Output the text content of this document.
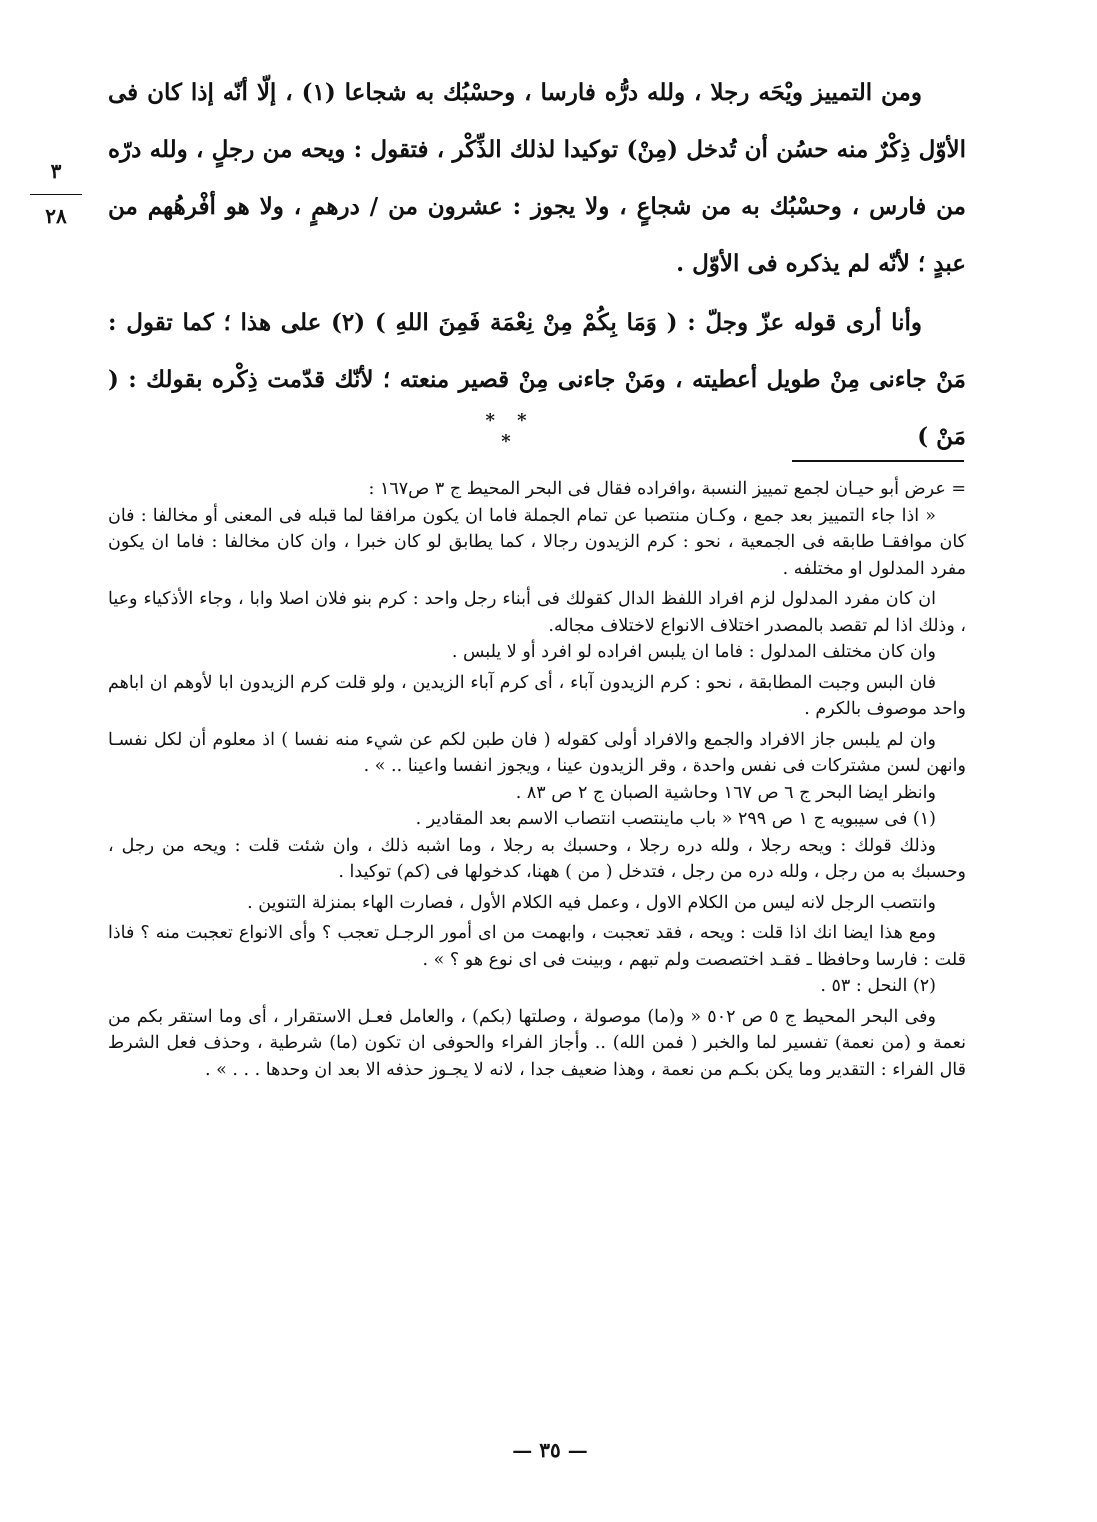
٣
٢٨

ومن التمييز ويْحَه رجلا ، ولله درُّه فارسا ، وحسْبُك به شجاعا (١) ، إلّا أنّه إذا كان فى الأوّل ذِكْرٌ منه حسُن أن تُدخل (مِنْ) توكيدا لذلك الذِّكْر ، فتقول : ويحه من رجلٍ ، ولله درّه من فارس ، وحسْبُك به من شجاعٍ ، ولا يجوز : عشرون من / درهمٍ ، ولا هو أفْرهُهم من عبدٍ ؛ لأنّه لم يذكره فى الأوّل .

وأنا أرى قوله عزّ وجلّ : ( وَمَا بِكُمْ مِنْ نِعْمَة فَمِنَ اللهِ ) (٢) على هذا ؛ كما تقول : مَنْ جاءنى مِنْ طويل أعطيته ، ومَنْ جاءنى مِنْ قصير منعته ؛ لأنّك قدّمت ذِكْره بقولك : ( مَنْ )

* * *

= عرض أبو حيـان لجمع تمييز النسبة ،وافراده فقال فى البحر المحيط ج ٣ ص١٦٧ :

« اذا جاء التمييز بعد جمع ، وكـان منتصبا عن تمام الجملة فاما ان يكون مرافقا لما قبله فى المعنى أو مخالفا : فان كان موافقـا طابقه فى الجمعية ، نحو : كرم الزيدون رجالا ، كما يطابق لو كان خبرا ، وان كان مخالفا : فاما ان يكون مفرد المدلول او مختلفه .

ان كان مفرد المدلول لزم افراد اللفظ الدال كقولك فى أبناء رجل واحد : كرم بنو فلان اصلا وابا ، وجاء الأذكياء وعيا ، وذلك اذا لم تقصد بالمصدر اختلاف الانواع لاختلاف مجاله.

وان كان مختلف المدلول : فاما ان يلبس افراده لو افرد أو لا يلبس .

فان البس وجبت المطابقة ، نحو : كرم الزيدون آباء ، أى كرم آباء الزيدين ، ولو قلت كرم الزيدون ابا لأوهم ان اباهم واحد موصوف بالكرم .

وان لم يلبس جاز الافراد والجمع والافراد أولى كقوله ( فان طبن لكم عن شيء منه نفسا ) اذ معلوم أن لكل نفسـا وانهن لسن مشتركات فى نفس واحدة ، وقر الزيدون عينا ، ويجوز انفسا واعينا .. » .

وانظر ايضا البحر ج ٦ ص ١٦٧ وحاشية الصبان ج ٢ ص ٨٣ .

(١) فى سيبويه ج ١ ص ٢٩٩ « باب ماينتصب انتصاب الاسم بعد المقادير .

وذلك قولك : ويحه رجلا ، ولله دره رجلا ، وحسبك به رجلا ، وما اشبه ذلك ، وان شئت قلت : ويحه من رجل ، وحسبك به من رجل ، ولله دره من رجل ، فتدخل ( من ) ههنا، كدخولها فى (كم) توكيدا .

وانتصب الرجل لانه ليس من الكلام الاول ، وعمل فيه الكلام الأول ، فصارت الهاء بمنزلة التنوين .

ومع هذا ايضا انك اذا قلت : ويحه ، فقد تعجبت ، وابهمت من اى أمور الرجـل تعجب ؟ وأى الانواع تعجبت منه ؟ فاذا قلت : فارسا وحافظا ـ فقـد اختصصت ولم تبهم ، وبينت فى اى نوع هو ؟ » .

(٢) النحل : ٥٣ .

وفى البحر المحيط ج ٥ ص ٥٠٢ « و(ما) موصولة ، وصلتها (بكم) ، والعامل فعـل الاستقرار ، أى وما استقر بكم من نعمة و (من نعمة) تفسير لما والخبر ( فمن الله) .. وأجاز الفراء والحوفى ان تكون (ما) شرطية ، وحذف فعل الشرط قال الفراء : التقدير وما يكن بكـم من نعمة ، وهذا ضعيف جدا ، لانه لا يجـوز حذفه الا بعد ان وحدها . . . » .

— ٣٥ —
